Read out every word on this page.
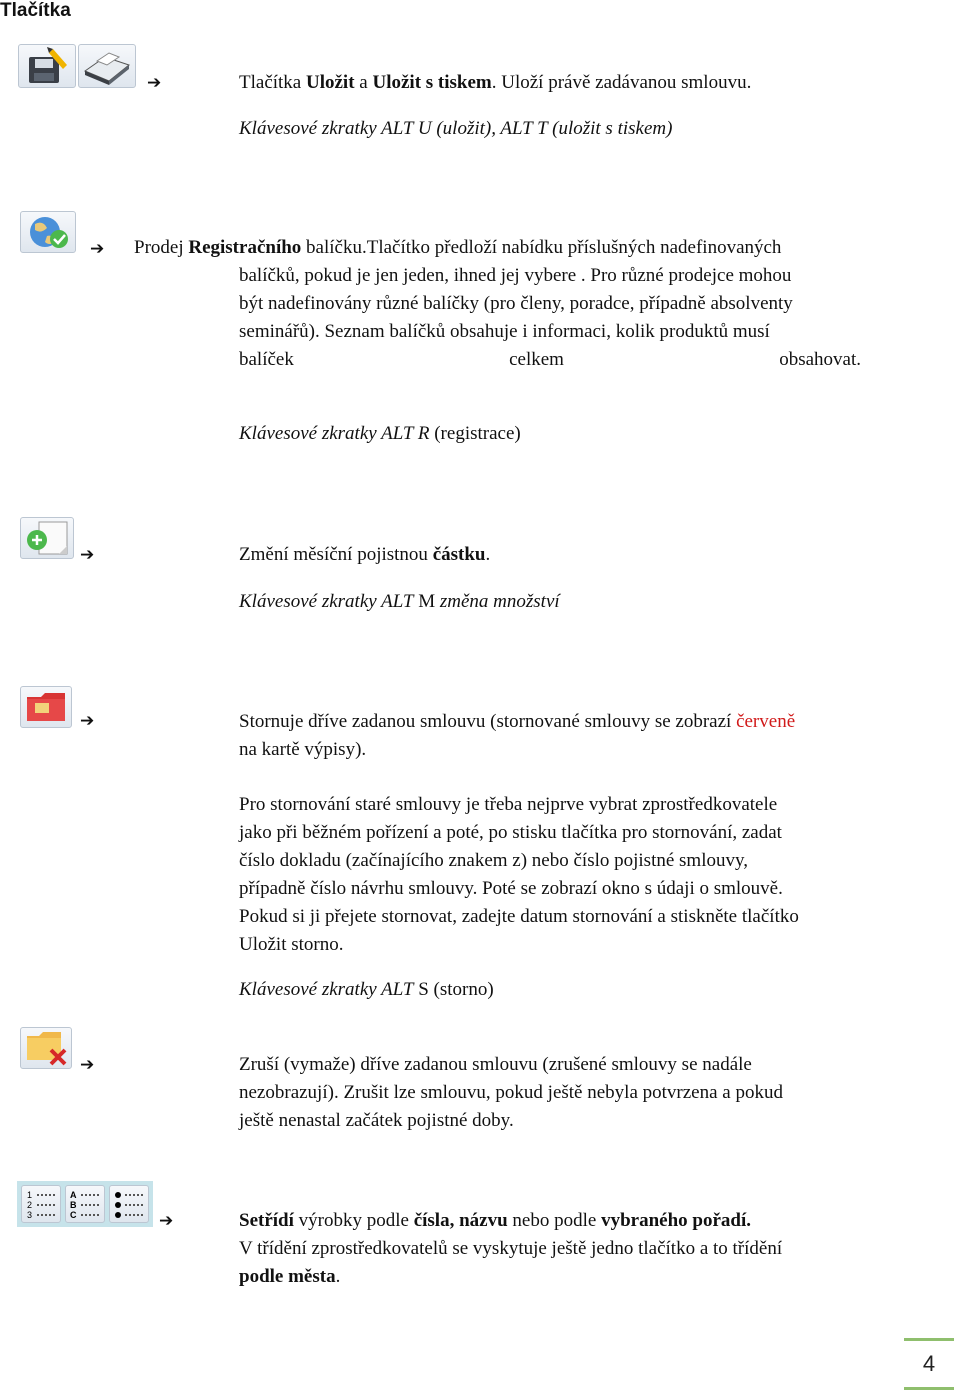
Tlačítka
➔	Tlačítka Uložit a Uložit s tiskem. Uloží právě zadávanou smlouvu.
Klávesové zkratky ALT U (uložit), ALT T (uložit s tiskem)
➔ Prodej Registračního balíčku.Tlačítko předloží nabídku příslušných nadefinovaných
balíčků, pokud je jen jeden, ihned jej vybere . Pro různé prodejce mohou
být nadefinovány různé balíčky (pro členy, poradce, případně absolventy
seminářů). Seznam balíčků obsahuje i informaci, kolik produktů musí
balíček	celkem	obsahovat.
Klávesové zkratky ALT R (registrace)
➔	Změní měsíční pojistnou částku.
Klávesové zkratky ALT M změna množství
➔	Stornuje dříve zadanou smlouvu (stornované smlouvy se zobrazí červeně
na kartě výpisy).
Pro stornování staré smlouvy je třeba nejprve vybrat zprostředkovatele
jako při běžném pořízení a poté, po stisku tlačítka pro stornování, zadat
číslo dokladu (začínajícího znakem z) nebo číslo pojistné smlouvy,
případně číslo návrhu smlouvy. Poté se zobrazí okno s údaji o smlouvě.
Pokud si ji přejete stornovat, zadejte datum stornování a stiskněte tlačítko
Uložit storno.
Klávesové zkratky ALT S (storno)
➔	Zruší (vymaže) dříve zadanou smlouvu (zrušené smlouvy se nadále
nezobrazují). Zrušit lze smlouvu, pokud ještě nebyla potvrzena a pokud
ještě nenastal začátek pojistné doby.
1
2
3
A
B
C	➔	Setřídí výrobky podle čísla, názvu nebo podle vybraného pořadí.
V třídění zprostředkovatelů se vyskytuje ještě jedno tlačítko a to třídění
podle města.
4
